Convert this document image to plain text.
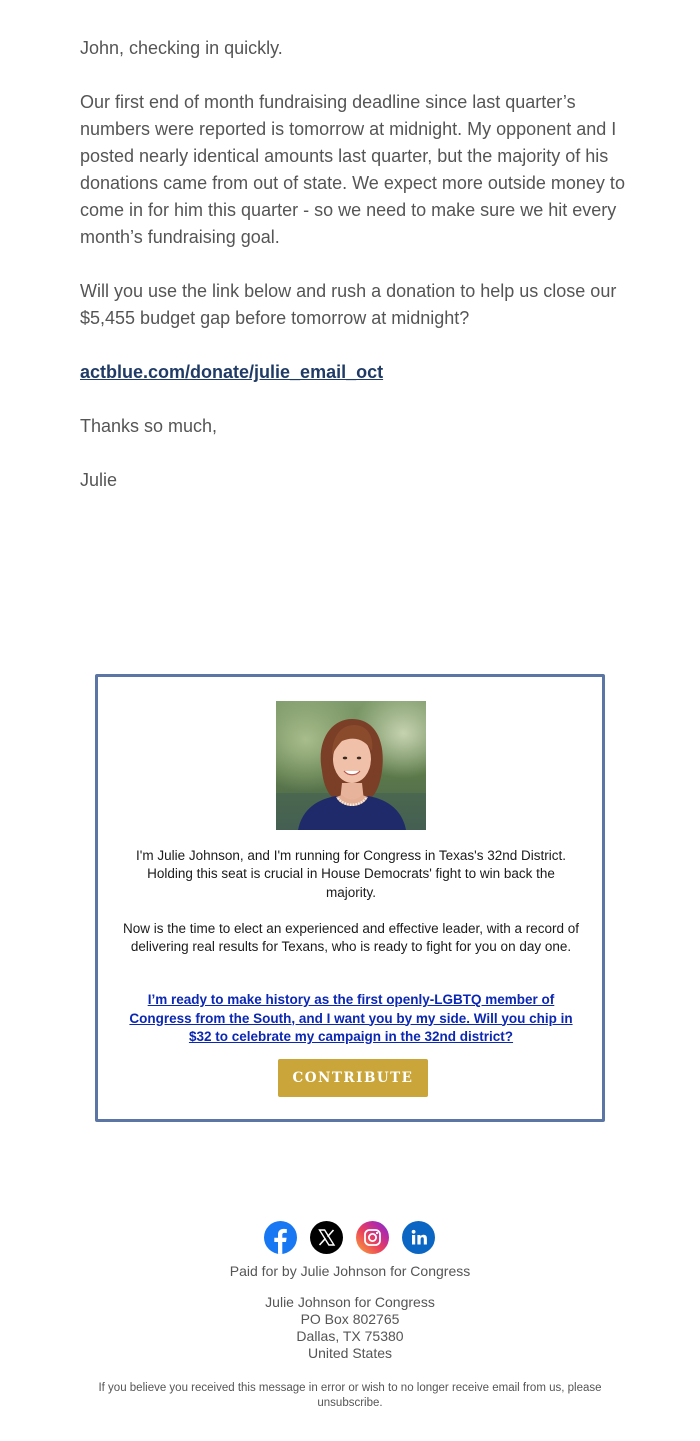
John, checking in quickly.

Our first end of month fundraising deadline since last quarter’s numbers were reported is tomorrow at midnight. My opponent and I posted nearly identical amounts last quarter, but the majority of his donations came from out of state. We expect more outside money to come in for him this quarter - so we need to make sure we hit every month’s fundraising goal.

Will you use the link below and rush a donation to help us close our $5,455 budget gap before tomorrow at midnight?

actblue.com/donate/julie_email_oct

Thanks so much,

Julie

I'm Julie Johnson, and I'm running for Congress in Texas's 32nd District. Holding this seat is crucial in House Democrats' fight to win back the majority.
Now is the time to elect an experienced and effective leader, with a record of delivering real results for Texans, who is ready to fight for you on day one.
I’m ready to make history as the first openly-LGBTQ member of Congress from the South, and I want you by my side. Will you chip in $32 to celebrate my campaign in the 32nd district?
CONTRIBUTE
Paid for by Julie Johnson for Congress
Julie Johnson for Congress
PO Box 802765
Dallas, TX 75380
United States
If you believe you received this message in error or wish to no longer receive email from us, please unsubscribe.
